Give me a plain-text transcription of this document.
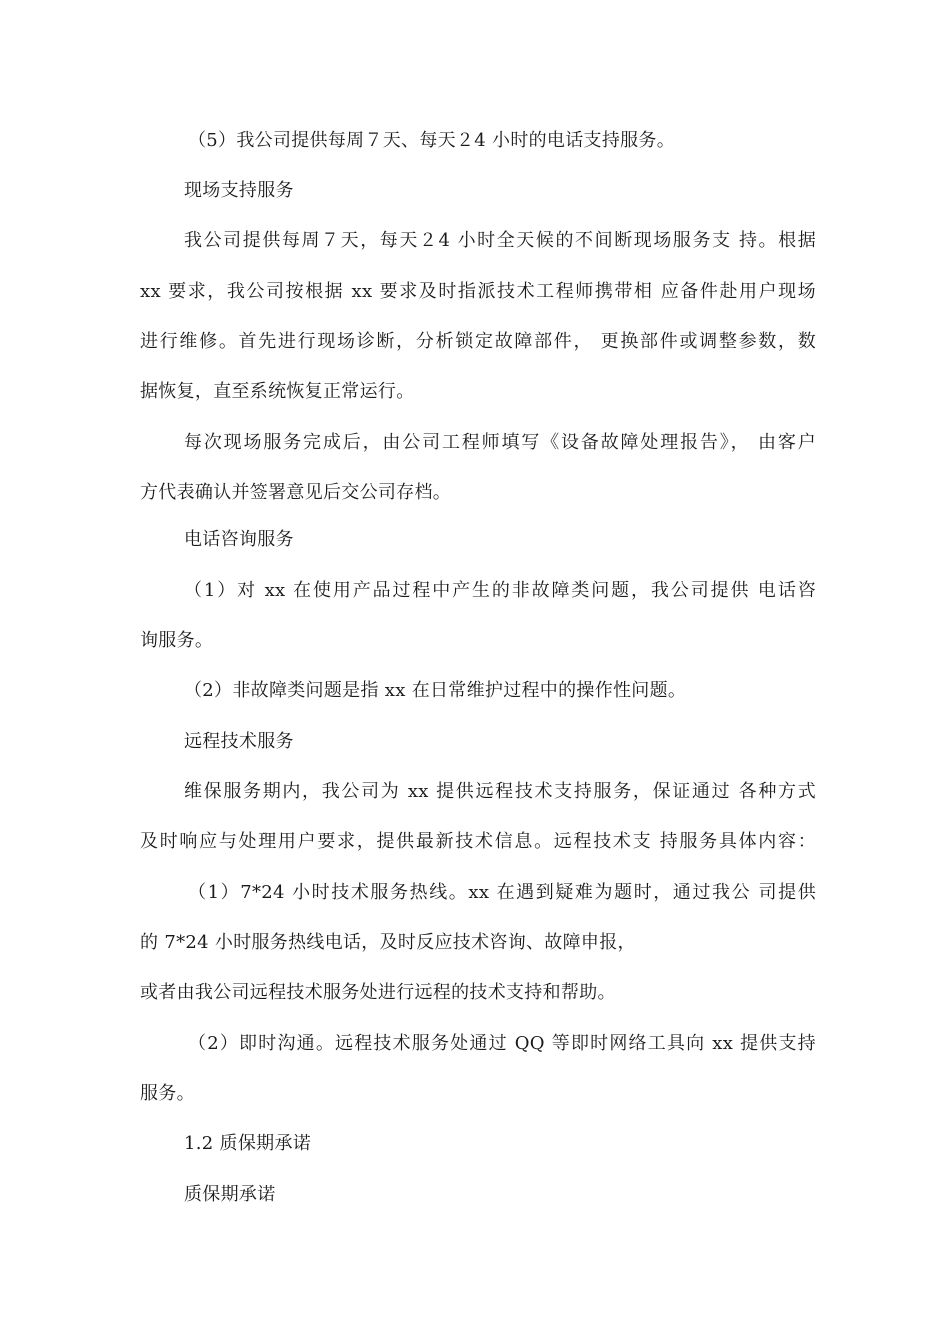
（5）我公司提供每周７天、每天２4 小时的电话支持服务。
现场支持服务
我公司提供每周７天，每天２4 小时全天候的不间断现场服务支 持。根据
xx 要求，我公司按根据 xx 要求及时指派技术工程师携带相 应备件赴用户现场
进行维修。首先进行现场诊断，分析锁定故障部件， 更换部件或调整参数，数
据恢复，直至系统恢复正常运行。
每次现场服务完成后，由公司工程师填写《设备故障处理报告》， 由客户
方代表确认并签署意见后交公司存档。
电话咨询服务
（1）对 xx 在使用产品过程中产生的非故障类问题，我公司提供 电话咨
询服务。
（2）非故障类问题是指 xx 在日常维护过程中的操作性问题。
远程技术服务
维保服务期内，我公司为 xx 提供远程技术支持服务，保证通过 各种方式
及时响应与处理用户要求，提供最新技术信息。远程技术支 持服务具体内容：
（1）7*24 小时技术服务热线。xx 在遇到疑难为题时，通过我公 司提供
的 7*24 小时服务热线电话，及时反应技术咨询、故障申报，
或者由我公司远程技术服务处进行远程的技术支持和帮助。
（2）即时沟通。远程技术服务处通过 QQ 等即时网络工具向 xx 提供支持
服务。
1.2 质保期承诺
质保期承诺
